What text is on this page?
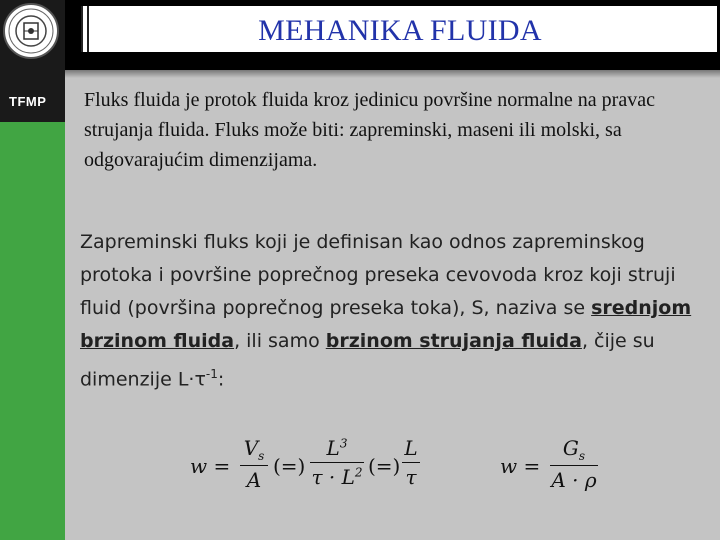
TFMP
MEHANIKA FLUIDA
Fluks fluida je protok fluida kroz jedinicu površine normalne na pravac strujanja fluida. Fluks može biti: zapreminski, maseni ili molski, sa odgovarajućim dimenzijama.
Zapreminski fluks koji je definisan kao odnos zapreminskog protoka i površine poprečnog preseka cevovoda kroz koji struji fluid (površina poprečnog preseka toka), S, naziva se srednjom brzinom fluida, ili samo brzinom strujanja fluida, čije su dimenzije $L\cdot\tau^{-1}$:
$w = \frac{V_s}{A}$ (=) $\frac{L^3}{\tau \cdot L^2}$ (=) $\frac{L}{\tau}$	$w = \frac{G_s}{A \cdot \rho}$
